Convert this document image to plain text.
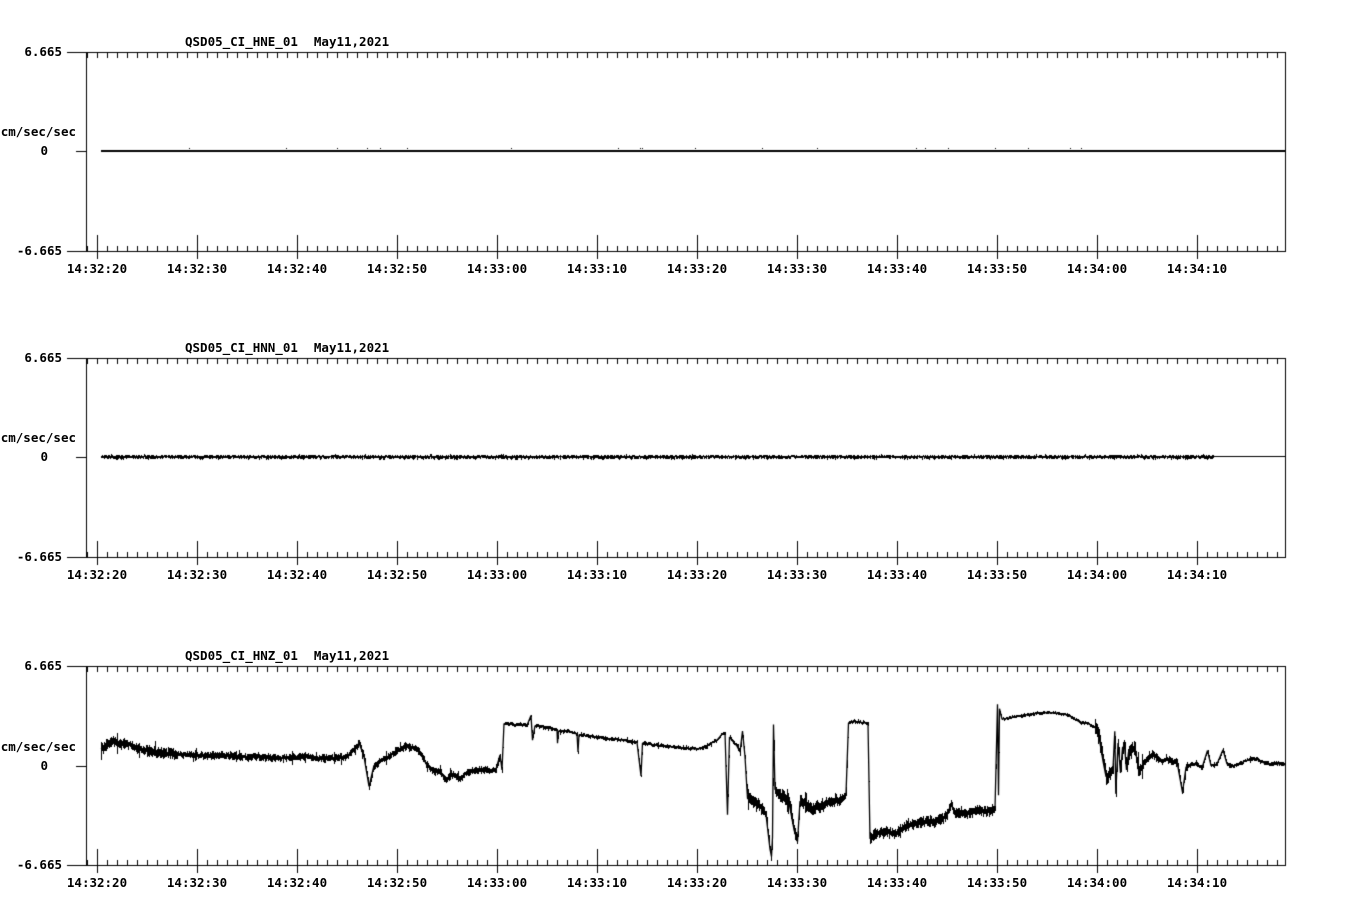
QSD05_CI_HNE_01 May11,2021
6.665
cm/sec/sec
0
-6.665
14:32:20	14:32:30	14:32:40	14:32:50	14:33:00	14:33:10	14:33:20	14:33:30	14:33:40	14:33:50	14:34:00	14:34:10
QSD05_CI_HNN_01 May11,2021
6.665
cm/sec/sec
0
-6.665
14:32:20	14:32:30	14:32:40	14:32:50	14:33:00	14:33:10	14:33:20	14:33:30	14:33:40	14:33:50	14:34:00	14:34:10
QSD05_CI_HNZ_01 May11,2021
6.665
cm/sec/sec
0
-6.665
14:32:20	14:32:30	14:32:40	14:32:50	14:33:00	14:33:10	14:33:20	14:33:30	14:33:40	14:33:50	14:34:00	14:34:10
